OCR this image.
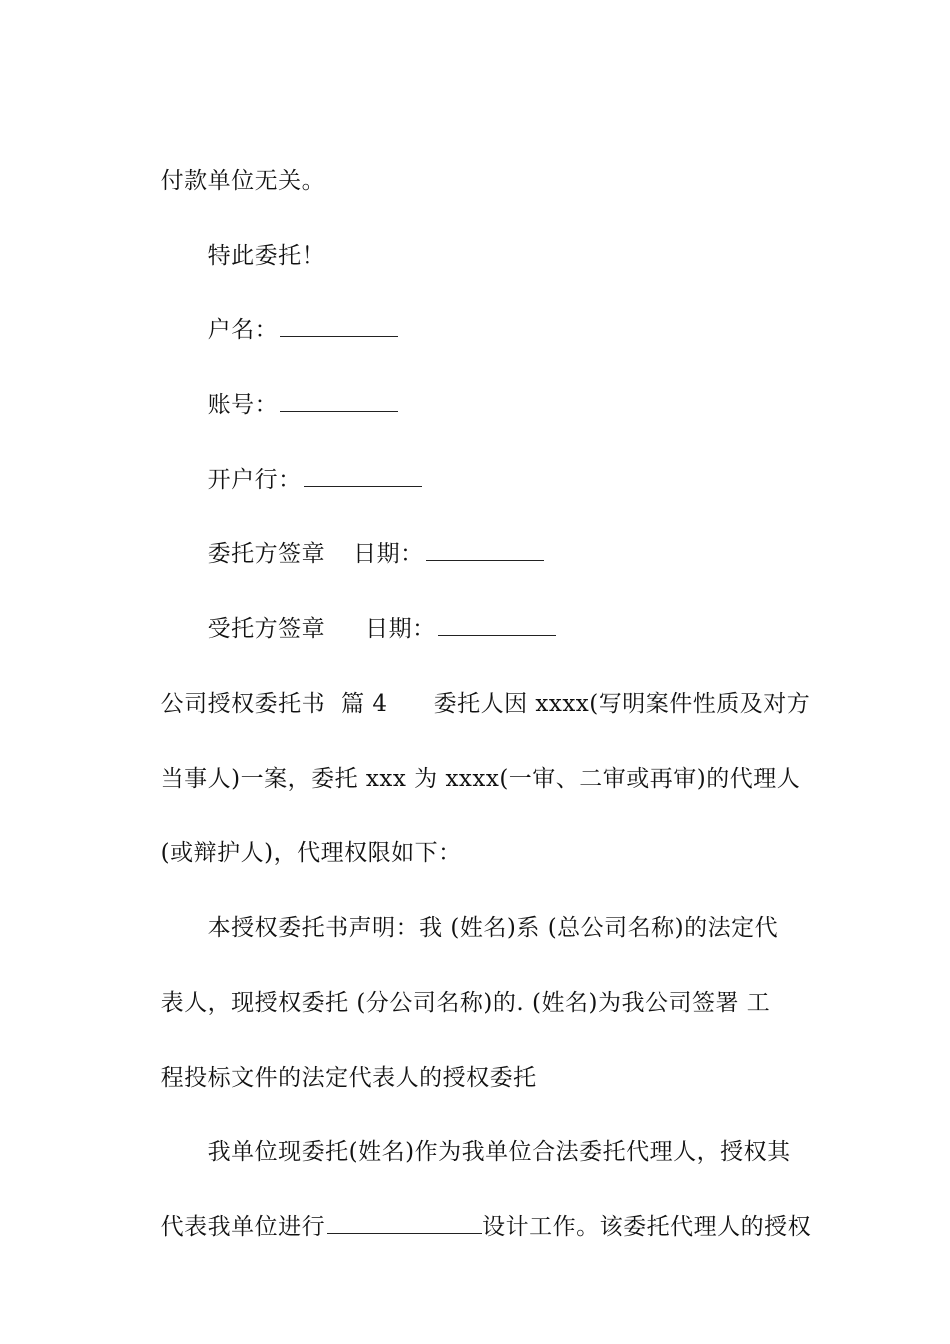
付款单位无关。

特此委托！

户名：

账号：

开户行：

委托方签章 日期：

受托方签章 日期：

公司授权委托书 篇 4 委托人因 xxxx(写明案件性质及对方

当事人)一案，委托 xxx 为 xxxx(一审、二审或再审)的代理人

(或辩护人)，代理权限如下：

本授权委托书声明：我 (姓名)系 (总公司名称)的法定代

表人，现授权委托 (分公司名称)的. (姓名)为我公司签署 工

程投标文件的法定代表人的授权委托

我单位现委托(姓名)作为我单位合法委托代理人，授权其

代表我单位进行	设计工作。该委托代理人的授权
